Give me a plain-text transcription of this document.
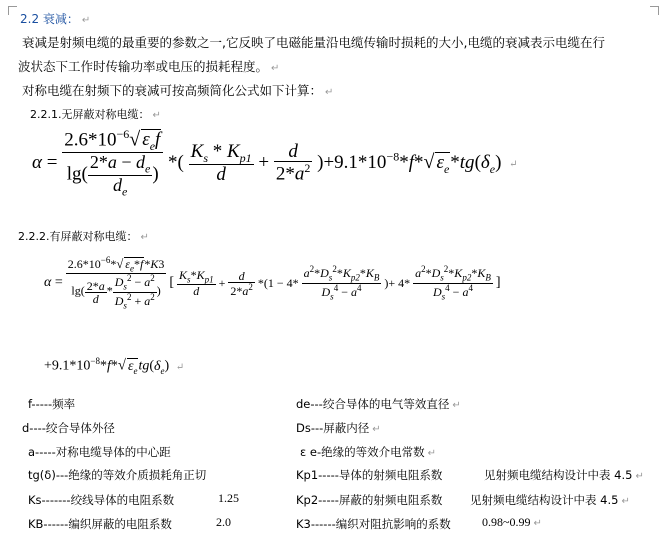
2.2 衰减： ↵
衰减是射频电缆的最重要的参数之一,它反映了电磁能量沿电缆传输时损耗的大小,电缆的衰减表示电缆在行
波状态下工作时传输功率或电压的损耗程度。 ↵
对称电缆在射频下的衰减可按高频简化公式如下计算： ↵
2.2.1.无屏蔽对称电缆： ↵
$\alpha = \frac{2.6*10^{-6}√ \varepsilon_ef}{\lg( \frac{2*a - d_e}{d_e} )}$ *( $\frac{K_s * K_{p1}}{d} + \frac{d}{2*a^2} )+9.1*10^{-8}*f*√$ $\varepsilon_e*tg(\delta_e)$ ↵
2.2.2.有屏蔽对称电缆： ↵
$\alpha = \frac{2.6*10^{-6}*√ \varepsilon_e*f*K3}{\lg( \frac{2*a}{d} * \frac{D_s^2 - a^2}{D_s^2 + a^2} )}$ [ $\frac{K_s*K_{p1}}{d} + \frac{d}{2*a^2} *(1 - 4* \frac{a^2*D_s^2*K_{p2}*K_B}{D_s^4 - a^4}$ )+ $4* \frac{a^2*D_s^2*K_{p2}*K_B}{D_s^4 - a^4}$ ]
$+9.1*10^{-8}*f*√$ $\varepsilon_etg(\delta_e)$ ↵
f-----频率	de---绞合导体的电气等效直径 ↵
d----绞合导体外径	Ds---屏蔽内径 ↵
a-----对称电缆导体的中心距	ε e-绝缘的等效介电常数 ↵
tg(δ)---绝缘的等效介质损耗角正切	Kp1-----导体的射频电阻系数	见射频电缆结构设计中表 4.5 ↵
Ks-------绞线导体的电阻系数	1.25	Kp2-----屏蔽的射频电阻系数 见射频电缆结构设计中表 4.5 ↵
KB------编织屏蔽的电阻系数	2.0	K3------编织对阻抗影响的系数	0.98~0.99 ↵
